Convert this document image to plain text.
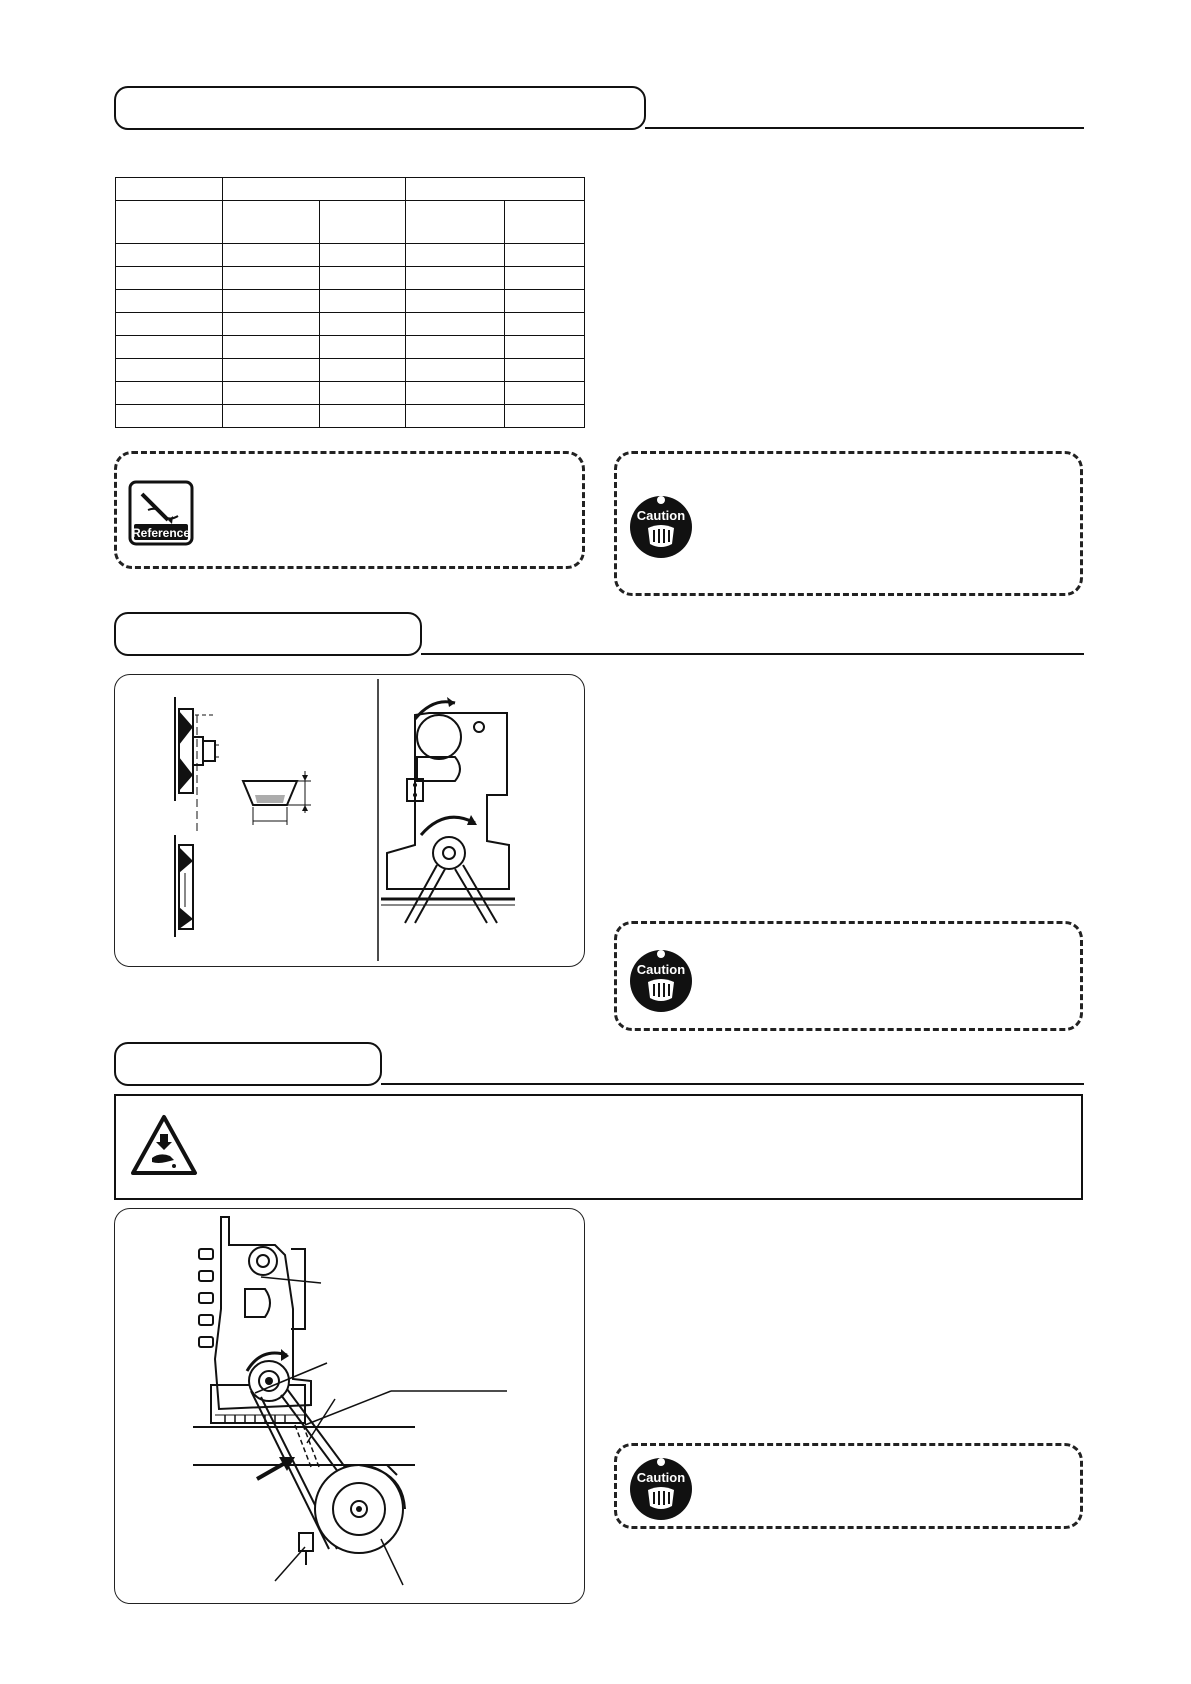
Reference
Caution
Caution
Caution
